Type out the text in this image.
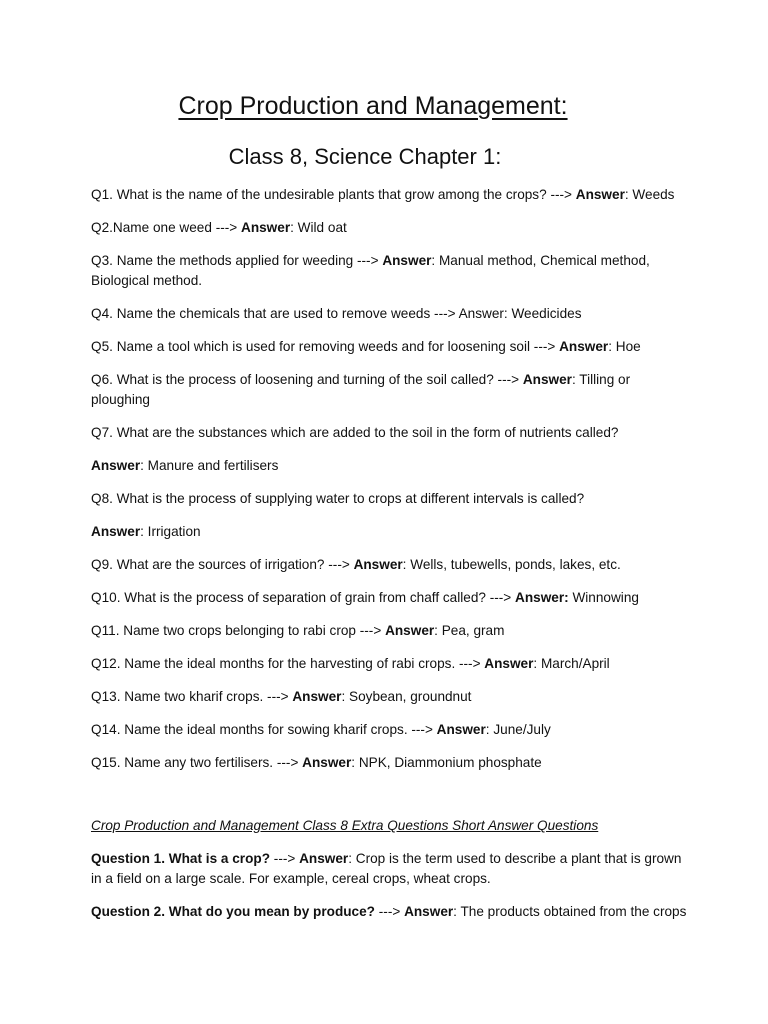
Crop Production and Management:
Class 8, Science Chapter 1:
Q1. What is the name of the undesirable plants that grow among the crops? ---> Answer: Weeds
Q2.Name one weed ---> Answer: Wild oat
Q3. Name the methods applied for weeding ---> Answer: Manual method, Chemical method, Biological method.
Q4. Name the chemicals that are used to remove weeds ---> Answer: Weedicides
Q5. Name a tool which is used for removing weeds and for loosening soil ---> Answer: Hoe
Q6. What is the process of loosening and turning of the soil called? ---> Answer: Tilling or ploughing
Q7. What are the substances which are added to the soil in the form of nutrients called?
Answer: Manure and fertilisers
Q8. What is the process of supplying water to crops at different intervals is called?
Answer: Irrigation
Q9. What are the sources of irrigation? ---> Answer: Wells, tubewells, ponds, lakes, etc.
Q10. What is the process of separation of grain from chaff called? ---> Answer: Winnowing
Q11. Name two crops belonging to rabi crop ---> Answer: Pea, gram
Q12. Name the ideal months for the harvesting of rabi crops. ---> Answer: March/April
Q13. Name two kharif crops. ---> Answer: Soybean, groundnut
Q14. Name the ideal months for sowing kharif crops. ---> Answer: June/July
Q15. Name any two fertilisers. ---> Answer: NPK, Diammonium phosphate
Crop Production and Management Class 8 Extra Questions Short Answer Questions
Question 1. What is a crop? ---> Answer: Crop is the term used to describe a plant that is grown in a field on a large scale. For example, cereal crops, wheat crops.
Question 2. What do you mean by produce? ---> Answer: The products obtained from the crops
